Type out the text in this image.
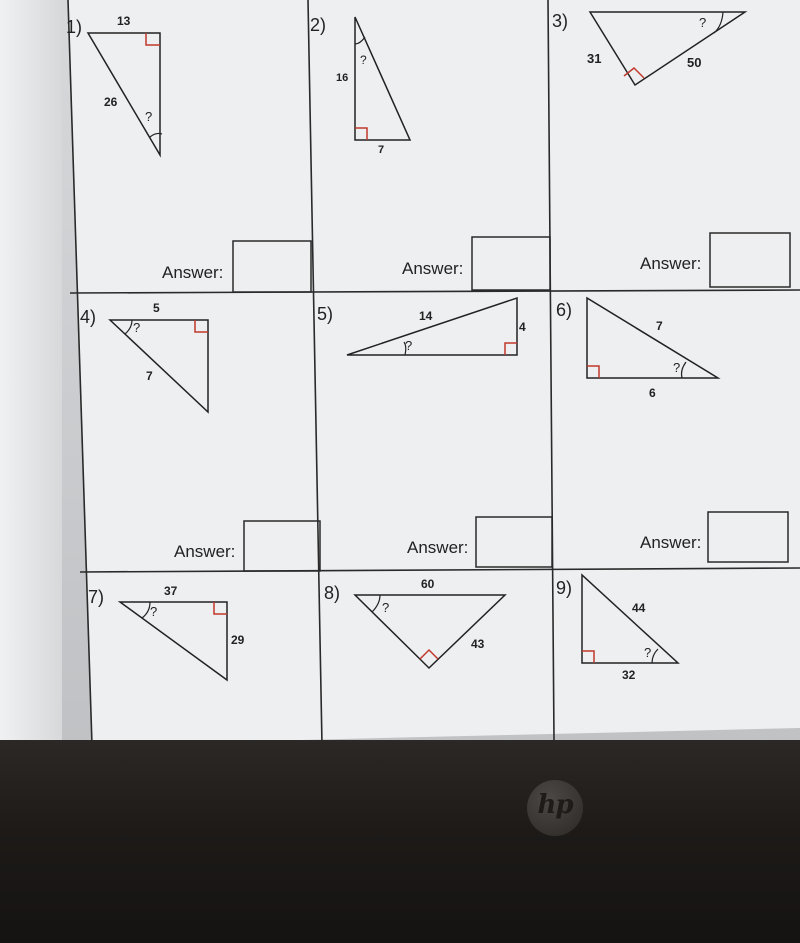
Answer:	Answer:	Answer:
Answer:	Answer:	Answer:
1)	2)	3)
4)	5)	6)
7)	8)	9)
13
26
?
16
7
?	31	50
?
5
7
?
14
4
?
7
6
?
37
29
?
60
43
?	44
32
?
hp
